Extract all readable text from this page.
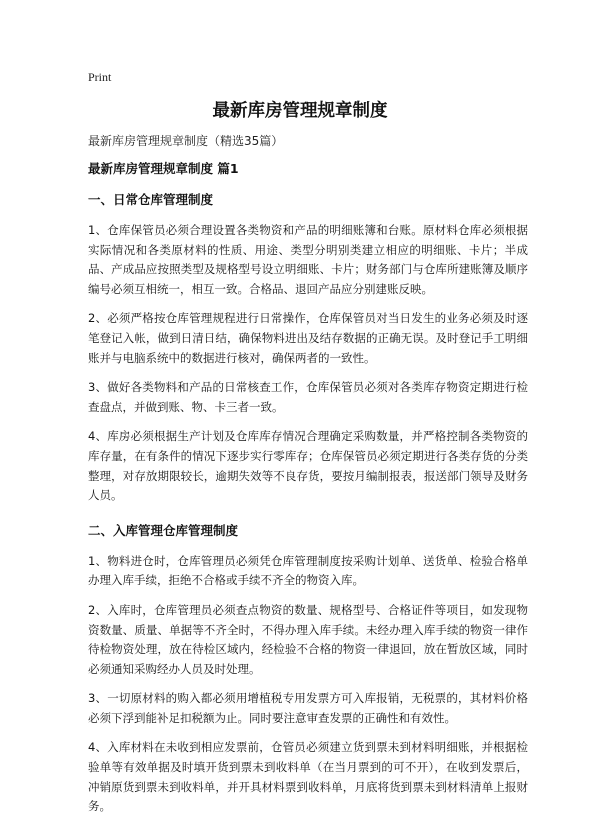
Print
最新库房管理规章制度
最新库房管理规章制度（精选35篇）
最新库房管理规章制度 篇1
一、日常仓库管理制度

1、仓库保管员必须合理设置各类物资和产品的明细账簿和台账。原材料仓库必须根据实际情况和各类原材料的性质、用途、类型分明别类建立相应的明细账、卡片；半成品、产成品应按照类型及规格型号设立明细账、卡片；财务部门与仓库所建账簿及顺序编号必须互相统一，相互一致。合格品、退回产品应分别建账反映。

2、必须严格按仓库管理规程进行日常操作，仓库保管员对当日发生的业务必须及时逐笔登记入帐，做到日清日结，确保物料进出及结存数据的正确无误。及时登记手工明细账并与电脑系统中的数据进行核对，确保两者的一致性。

3、做好各类物料和产品的日常核查工作，仓库保管员必须对各类库存物资定期进行检查盘点，并做到账、物、卡三者一致。

4、库房必须根据生产计划及仓库库存情况合理确定采购数量，并严格控制各类物资的库存量，在有条件的情况下逐步实行零库存；仓库保管员必须定期进行各类存货的分类整理，对存放期限较长，逾期失效等不良存货，要按月编制报表，报送部门领导及财务人员。

二、入库管理仓库管理制度

1、物料进仓时，仓库管理员必须凭仓库管理制度按采购计划单、送货单、检验合格单办理入库手续，拒绝不合格或手续不齐全的物资入库。

2、入库时，仓库管理员必须查点物资的数量、规格型号、合格证件等项目，如发现物资数量、质量、单据等不齐全时，不得办理入库手续。未经办理入库手续的物资一律作待检物资处理，放在待检区域内，经检验不合格的物资一律退回，放在暂放区域，同时必须通知采购经办人员及时处理。

3、一切原材料的购入都必须用增植税专用发票方可入库报销，无税票的，其材料价格必须下浮到能补足扣税额为止。同时要注意审查发票的正确性和有效性。

4、入库材料在未收到相应发票前，仓管员必须建立货到票未到材料明细账，并根据检验单等有效单据及时填开货到票未到收料单（在当月票到的可不开），在收到发票后，冲销原货到票未到收料单，并开具材料票到收料单，月底将货到票未到材料清单上报财务。
